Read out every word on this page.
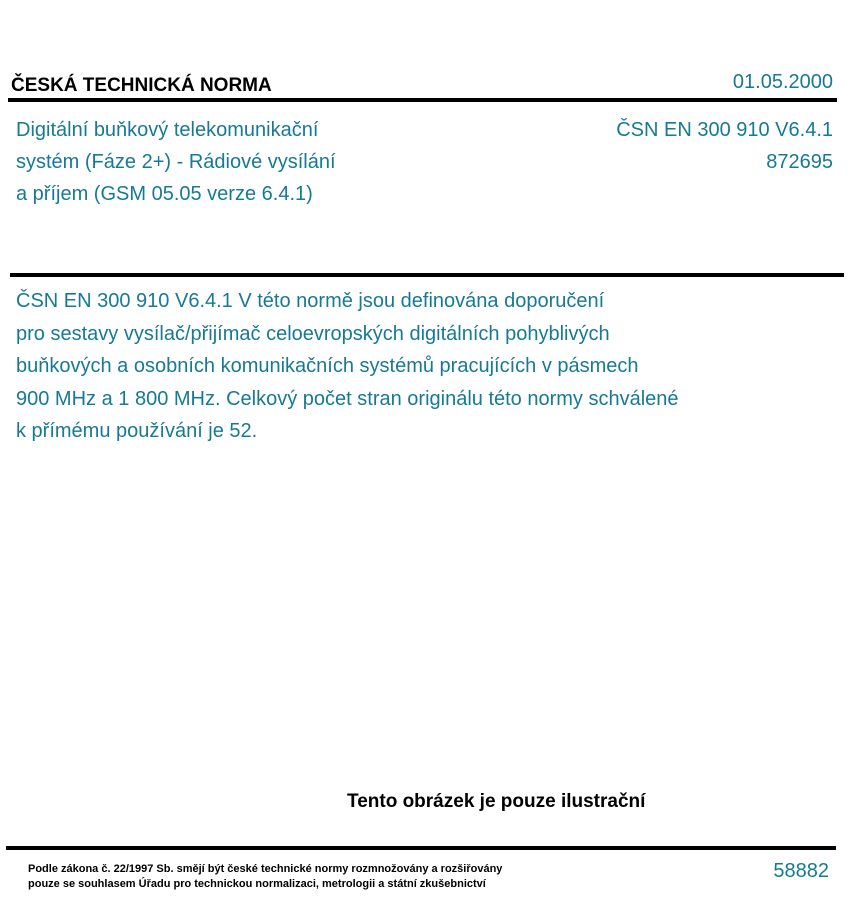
ČESKÁ TECHNICKÁ NORMA	01.05.2000
Digitální buňkový telekomunikační
systém (Fáze 2+) - Rádiové vysílání
a příjem (GSM 05.05 verze 6.4.1)
ČSN EN 300 910 V6.4.1
872695
ČSN EN 300 910 V6.4.1 V této normě jsou definována doporučení
pro sestavy vysílač/přijímač celoevropských digitálních pohyblivých
buňkových a osobních komunikačních systémů pracujících v pásmech
900 MHz a 1 800 MHz. Celkový počet stran originálu této normy schválené
k přímému používání je 52.
Tento obrázek je pouze ilustrační
Podle zákona č. 22/1997 Sb. smějí být české technické normy rozmnožovány a rozšiřovány
pouze se souhlasem Úřadu pro technickou normalizaci, metrologii a státní zkušebnictví
58882
